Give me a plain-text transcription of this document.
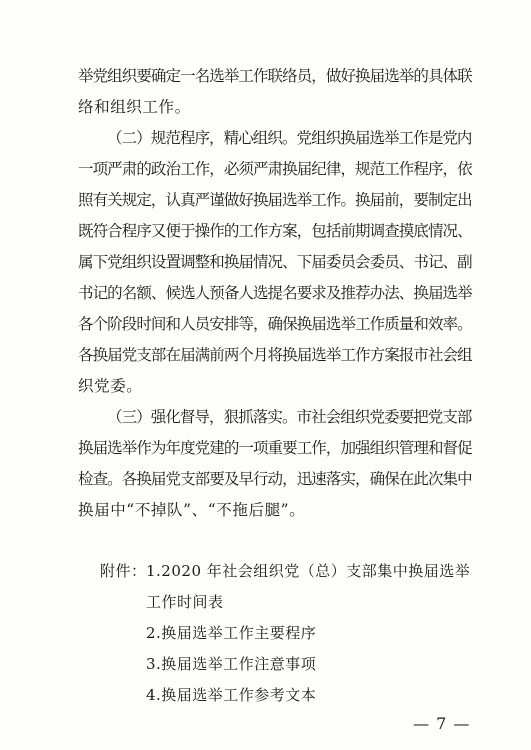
举党组织要确定一名选举工作联络员，做好换届选举的具体联
络和组织工作。
（二）规范程序，精心组织。党组织换届选举工作是党内
一项严肃的政治工作，必须严肃换届纪律，规范工作程序，依
照有关规定，认真严谨做好换届选举工作。换届前，要制定出
既符合程序又便于操作的工作方案，包括前期调查摸底情况、
属下党组织设置调整和换届情况、下届委员会委员、书记、副
书记的名额、候选人预备人选提名要求及推荐办法、换届选举
各个阶段时间和人员安排等，确保换届选举工作质量和效率。
各换届党支部在届满前两个月将换届选举工作方案报市社会组
织党委。
（三）强化督导，狠抓落实。市社会组织党委要把党支部
换届选举作为年度党建的一项重要工作，加强组织管理和督促
检查。各换届党支部要及早行动，迅速落实，确保在此次集中
换届中“不掉队”、“不拖后腿”。
附件： 1.2020 年社会组织党（总）支部集中换届选举
工作时间表
2.换届选举工作主要程序
3.换届选举工作注意事项
4.换届选举工作参考文本
— 7 —
